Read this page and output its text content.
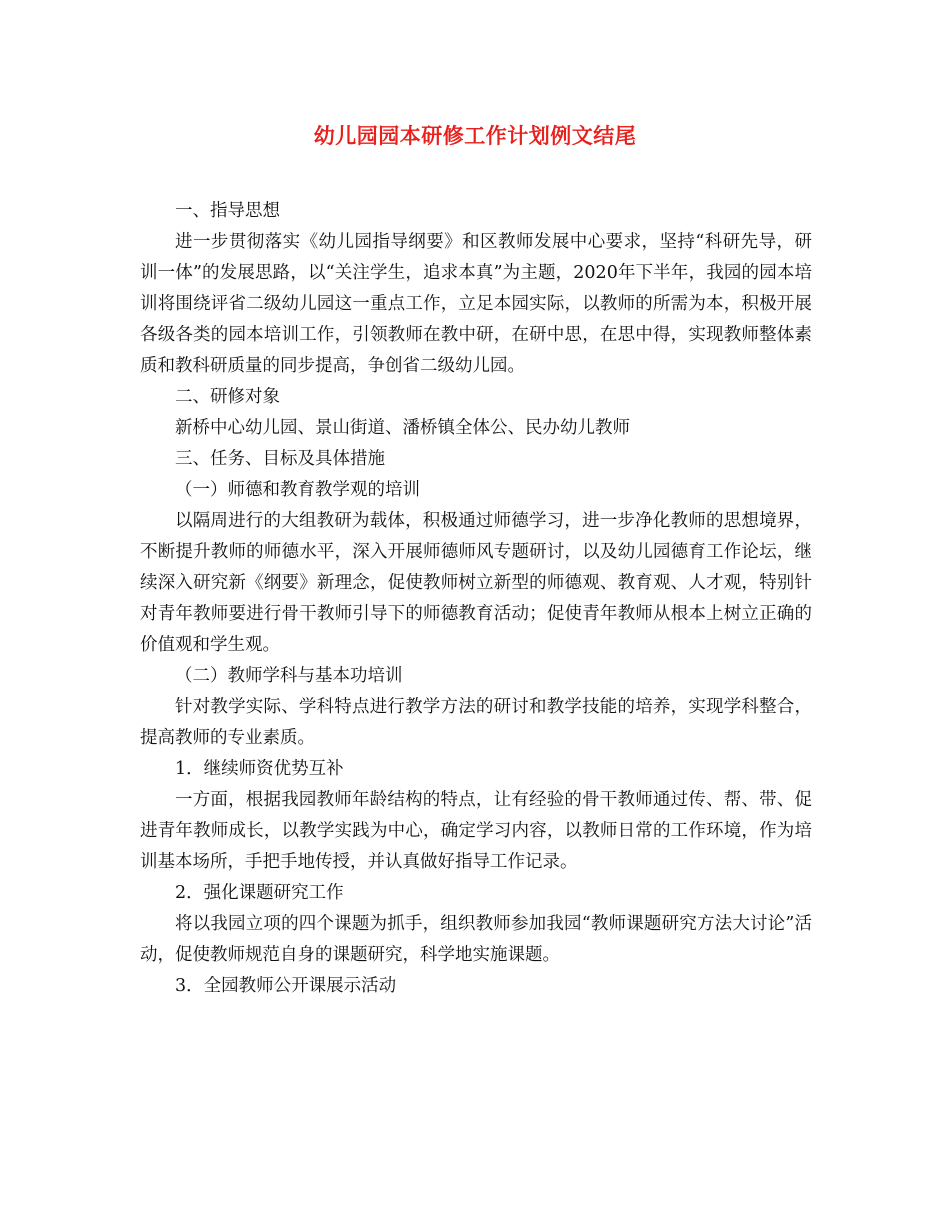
幼儿园园本研修工作计划例文结尾

一、指导思想

进一步贯彻落实《幼儿园指导纲要》和区教师发展中心要求，坚持“科研先导，研训一体”的发展思路，以“关注学生，追求本真”为主题，2020年下半年，我园的园本培训将围绕评省二级幼儿园这一重点工作，立足本园实际，以教师的所需为本，积极开展各级各类的园本培训工作，引领教师在教中研，在研中思，在思中得，实现教师整体素质和教科研质量的同步提高，争创省二级幼儿园。

二、研修对象

新桥中心幼儿园、景山街道、潘桥镇全体公、民办幼儿教师

三、任务、目标及具体措施

（一）师德和教育教学观的培训

以隔周进行的大组教研为载体，积极通过师德学习，进一步净化教师的思想境界，不断提升教师的师德水平，深入开展师德师风专题研讨，以及幼儿园德育工作论坛，继续深入研究新《纲要》新理念，促使教师树立新型的师德观、教育观、人才观，特别针对青年教师要进行骨干教师引导下的师德教育活动；促使青年教师从根本上树立正确的价值观和学生观。

（二）教师学科与基本功培训

针对教学实际、学科特点进行教学方法的研讨和教学技能的培养，实现学科整合，提高教师的专业素质。

1．继续师资优势互补

一方面，根据我园教师年龄结构的特点，让有经验的骨干教师通过传、帮、带、促进青年教师成长，以教学实践为中心，确定学习内容，以教师日常的工作环境，作为培训基本场所，手把手地传授，并认真做好指导工作记录。

2．强化课题研究工作

将以我园立项的四个课题为抓手，组织教师参加我园“教师课题研究方法大讨论”活动，促使教师规范自身的课题研究，科学地实施课题。

3．全园教师公开课展示活动
